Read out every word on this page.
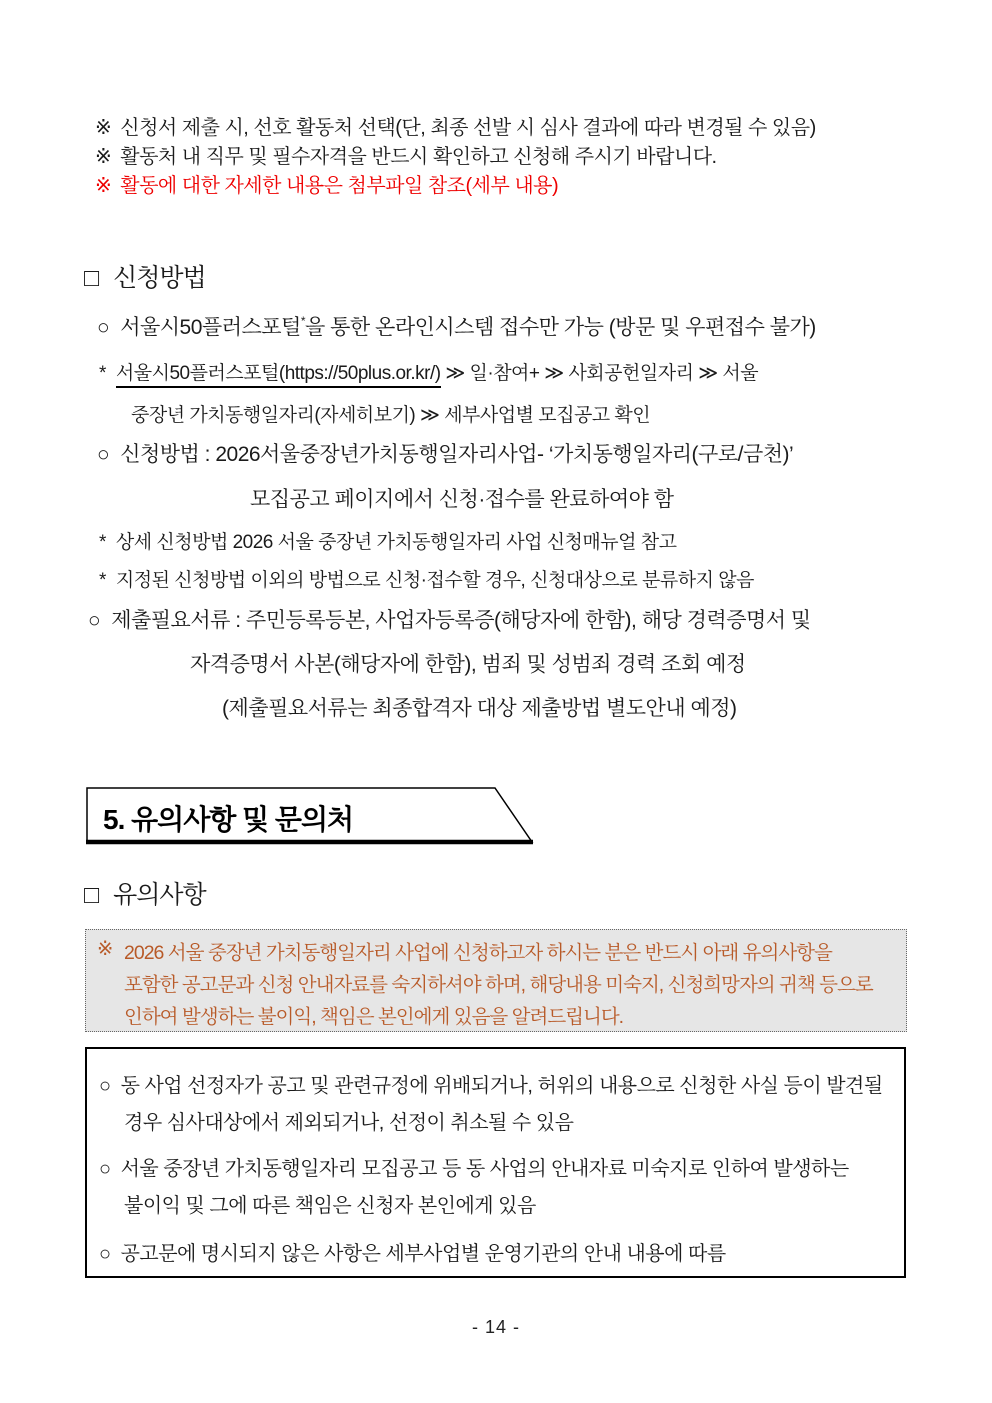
※ 신청서 제출 시, 선호 활동처 선택(단, 최종 선발 시 심사 결과에 따라 변경될 수 있음)
※ 활동처 내 직무 및 필수자격을 반드시 확인하고 신청해 주시기 바랍니다.
※ 활동에 대한 자세한 내용은 첨부파일 참조(세부 내용)
□ 신청방법
○ 서울시50플러스포털*을 통한 온라인시스템 접수만 가능 (방문 및 우편접수 불가)
* 서울시50플러스포털(https://50plus.or.kr/) ≫ 일·참여+ ≫ 사회공헌일자리 ≫ 서울
중장년 가치동행일자리(자세히보기) ≫ 세부사업별 모집공고 확인
○ 신청방법 : 2026서울중장년가치동행일자리사업- ‘가치동행일자리(구로/금천)’
모집공고 페이지에서 신청·접수를 완료하여야 함
* 상세 신청방법 2026 서울 중장년 가치동행일자리 사업 신청매뉴얼 참고
* 지정된 신청방법 이외의 방법으로 신청·접수할 경우, 신청대상으로 분류하지 않음
○ 제출필요서류 : 주민등록등본, 사업자등록증(해당자에 한함), 해당 경력증명서 및
자격증명서 사본(해당자에 한함), 범죄 및 성범죄 경력 조회 예정
(제출필요서류는 최종합격자 대상 제출방법 별도안내 예정)
5. 유의사항 및 문의처
□ 유의사항
※ 2026 서울 중장년 가치동행일자리 사업에 신청하고자 하시는 분은 반드시 아래 유의사항을
포함한 공고문과 신청 안내자료를 숙지하셔야 하며, 해당내용 미숙지, 신청희망자의 귀책 등으로
인하여 발생하는 불이익, 책임은 본인에게 있음을 알려드립니다.
○ 동 사업 선정자가 공고 및 관련규정에 위배되거나, 허위의 내용으로 신청한 사실 등이 발견될
경우 심사대상에서 제외되거나, 선정이 취소될 수 있음
○ 서울 중장년 가치동행일자리 모집공고 등 동 사업의 안내자료 미숙지로 인하여 발생하는
불이익 및 그에 따른 책임은 신청자 본인에게 있음
○ 공고문에 명시되지 않은 사항은 세부사업별 운영기관의 안내 내용에 따름
- 14 -
